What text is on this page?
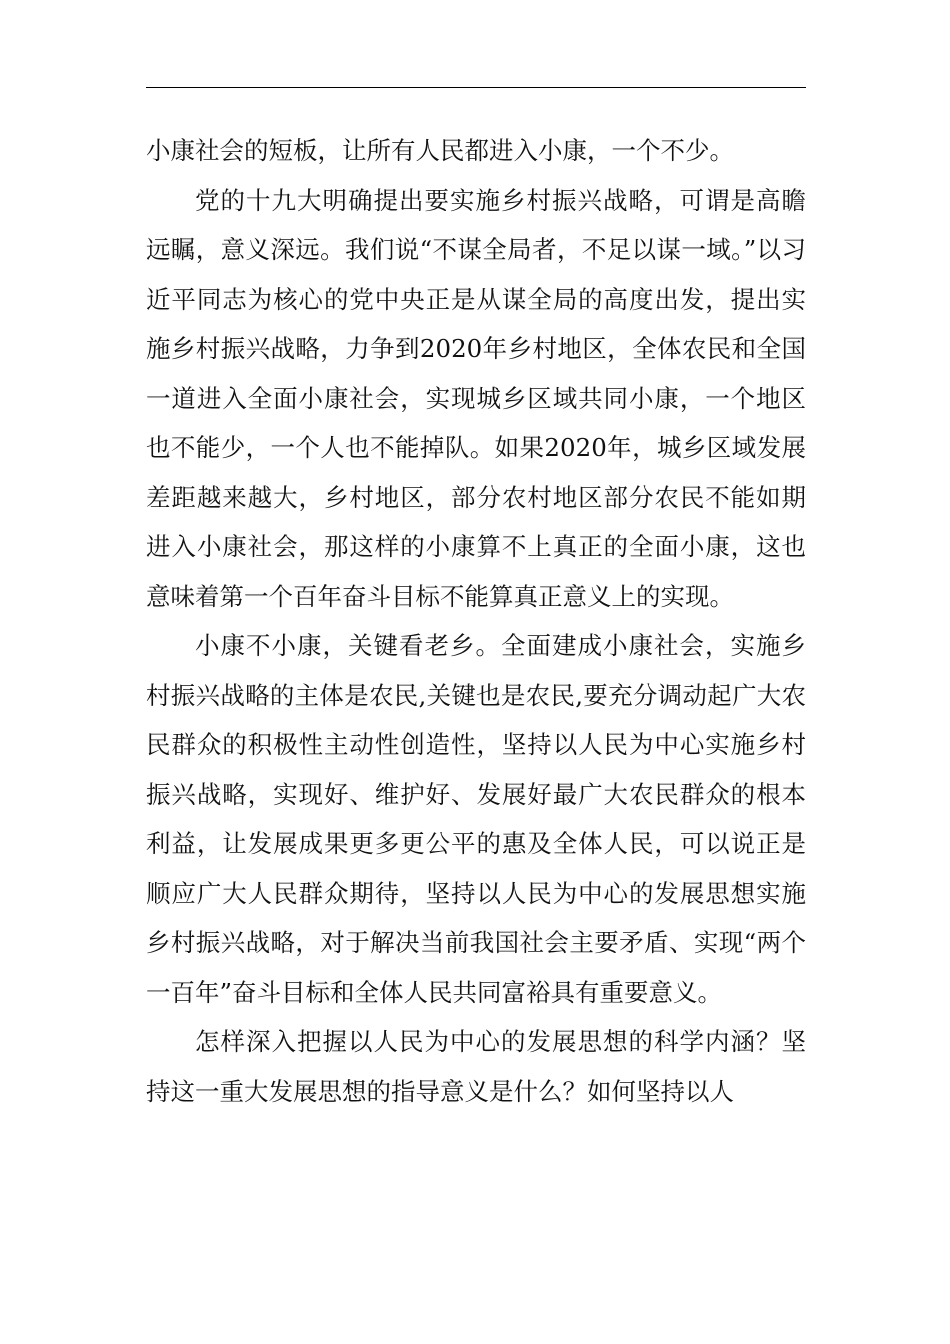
小康社会的短板，让所有人民都进入小康，一个不少。

党的十九大明确提出要实施乡村振兴战略，可谓是高瞻远瞩，意义深远。我们说“不谋全局者，不足以谋一域。”以习近平同志为核心的党中央正是从谋全局的高度出发，提出实施乡村振兴战略，力争到2020年乡村地区，全体农民和全国一道进入全面小康社会，实现城乡区域共同小康，一个地区也不能少，一个人也不能掉队。如果2020年，城乡区域发展差距越来越大，乡村地区，部分农村地区部分农民不能如期进入小康社会，那这样的小康算不上真正的全面小康，这也意味着第一个百年奋斗目标不能算真正意义上的实现。

小康不小康，关键看老乡。全面建成小康社会，实施乡村振兴战略的主体是农民,关键也是农民,要充分调动起广大农民群众的积极性主动性创造性，坚持以人民为中心实施乡村振兴战略，实现好、维护好、发展好最广大农民群众的根本利益，让发展成果更多更公平的惠及全体人民，可以说正是顺应广大人民群众期待，坚持以人民为中心的发展思想实施乡村振兴战略，对于解决当前我国社会主要矛盾、实现“两个一百年”奋斗目标和全体人民共同富裕具有重要意义。

怎样深入把握以人民为中心的发展思想的科学内涵？坚持这一重大发展思想的指导意义是什么？如何坚持以人
